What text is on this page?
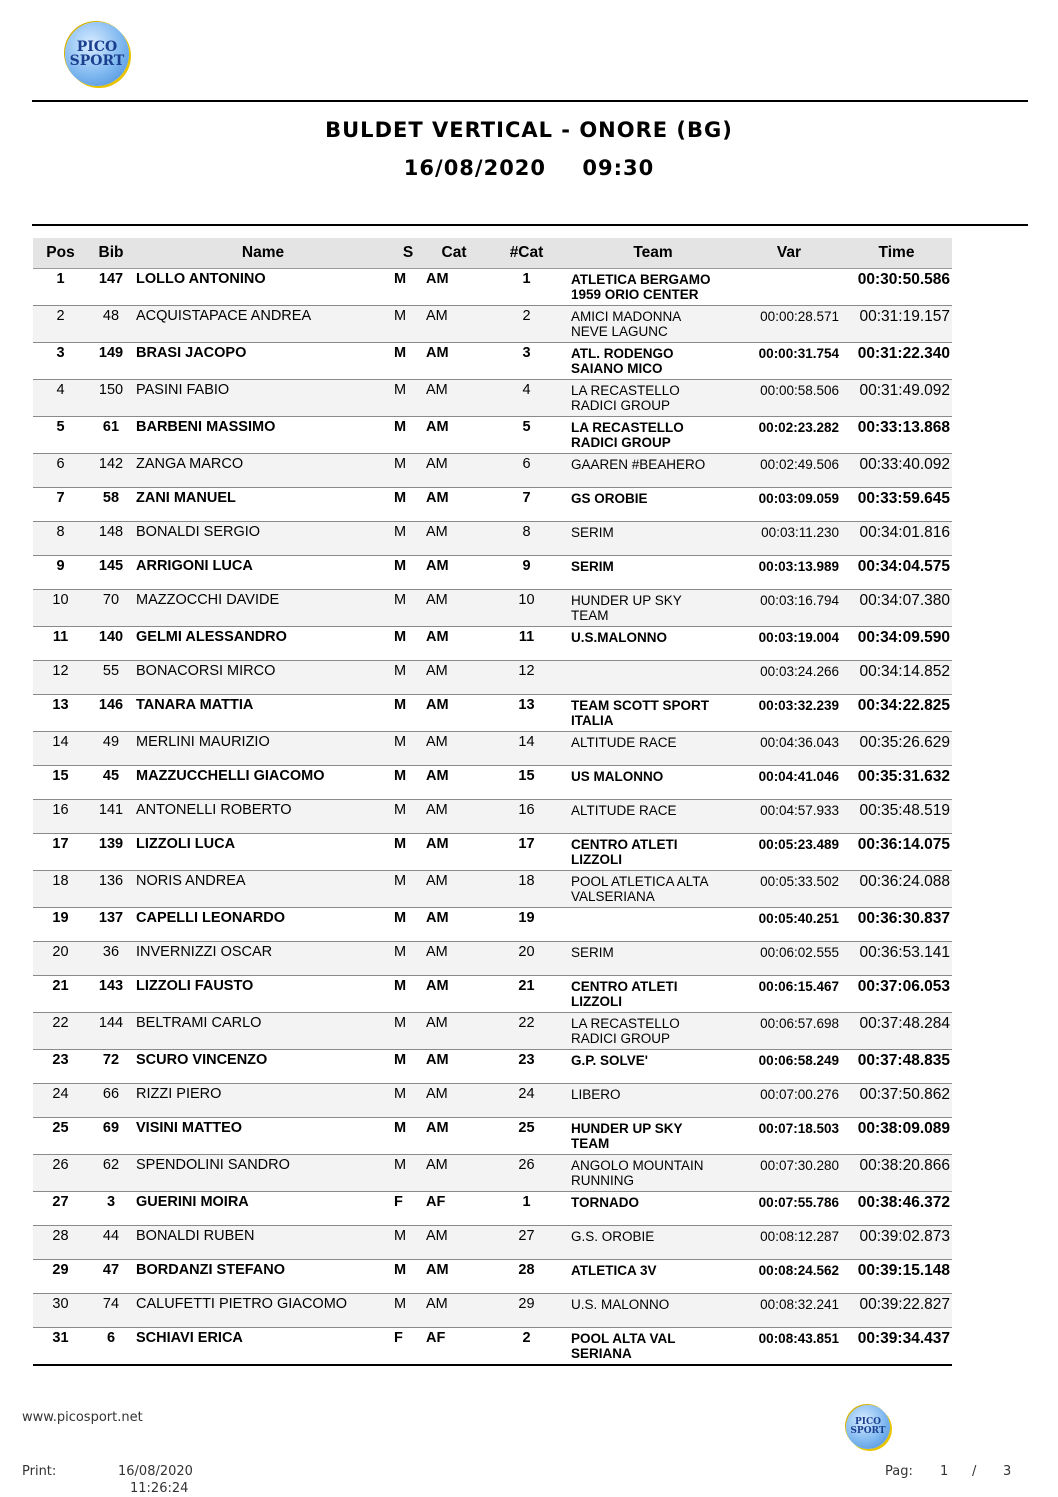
PICO
SPORT
BULDET VERTICAL - ONORE (BG)
16/08/2020 09:30
Pos	Bib	Name	S	Cat	#Cat	Team	Var	Time
1	147	LOLLO ANTONINO	M	AM	1	ATLETICA BERGAMO
1959 ORIO CENTER		00:30:50.586
2	48	ACQUISTAPACE ANDREA	M	AM	2	AMICI MADONNA
NEVE LAGUNC	00:00:28.571	00:31:19.157
3	149	BRASI JACOPO	M	AM	3	ATL. RODENGO
SAIANO MICO	00:00:31.754	00:31:22.340
4	150	PASINI FABIO	M	AM	4	LA RECASTELLO
RADICI GROUP	00:00:58.506	00:31:49.092
5	61	BARBENI MASSIMO	M	AM	5	LA RECASTELLO
RADICI GROUP	00:02:23.282	00:33:13.868
6	142	ZANGA MARCO	M	AM	6	GAAREN #BEAHERO	00:02:49.506	00:33:40.092
7	58	ZANI MANUEL	M	AM	7	GS OROBIE	00:03:09.059	00:33:59.645
8	148	BONALDI SERGIO	M	AM	8	SERIM	00:03:11.230	00:34:01.816
9	145	ARRIGONI LUCA	M	AM	9	SERIM	00:03:13.989	00:34:04.575
10	70	MAZZOCCHI DAVIDE	M	AM	10	HUNDER UP SKY
TEAM	00:03:16.794	00:34:07.380
11	140	GELMI ALESSANDRO	M	AM	11	U.S.MALONNO	00:03:19.004	00:34:09.590
12	55	BONACORSI MIRCO	M	AM	12		00:03:24.266	00:34:14.852
13	146	TANARA MATTIA	M	AM	13	TEAM SCOTT SPORT
ITALIA	00:03:32.239	00:34:22.825
14	49	MERLINI MAURIZIO	M	AM	14	ALTITUDE RACE	00:04:36.043	00:35:26.629
15	45	MAZZUCCHELLI GIACOMO	M	AM	15	US MALONNO	00:04:41.046	00:35:31.632
16	141	ANTONELLI ROBERTO	M	AM	16	ALTITUDE RACE	00:04:57.933	00:35:48.519
17	139	LIZZOLI LUCA	M	AM	17	CENTRO ATLETI
LIZZOLI	00:05:23.489	00:36:14.075
18	136	NORIS ANDREA	M	AM	18	POOL ATLETICA ALTA
VALSERIANA	00:05:33.502	00:36:24.088
19	137	CAPELLI LEONARDO	M	AM	19		00:05:40.251	00:36:30.837
20	36	INVERNIZZI OSCAR	M	AM	20	SERIM	00:06:02.555	00:36:53.141
21	143	LIZZOLI FAUSTO	M	AM	21	CENTRO ATLETI
LIZZOLI	00:06:15.467	00:37:06.053
22	144	BELTRAMI CARLO	M	AM	22	LA RECASTELLO
RADICI GROUP	00:06:57.698	00:37:48.284
23	72	SCURO VINCENZO	M	AM	23	G.P. SOLVE'	00:06:58.249	00:37:48.835
24	66	RIZZI PIERO	M	AM	24	LIBERO	00:07:00.276	00:37:50.862
25	69	VISINI MATTEO	M	AM	25	HUNDER UP SKY
TEAM	00:07:18.503	00:38:09.089
26	62	SPENDOLINI SANDRO	M	AM	26	ANGOLO MOUNTAIN
RUNNING	00:07:30.280	00:38:20.866
27	3	GUERINI MOIRA	F	AF	1	TORNADO	00:07:55.786	00:38:46.372
28	44	BONALDI RUBEN	M	AM	27	G.S. OROBIE	00:08:12.287	00:39:02.873
29	47	BORDANZI STEFANO	M	AM	28	ATLETICA 3V	00:08:24.562	00:39:15.148
30	74	CALUFETTI PIETRO GIACOMO	M	AM	29	U.S. MALONNO	00:08:32.241	00:39:22.827
31	6	SCHIAVI ERICA	F	AF	2	POOL ALTA VAL
SERIANA	00:08:43.851	00:39:34.437
www.picosport.net	PICO
SPORT
Print:	16/08/2020
11:26:24
Pag: 1 / 3
